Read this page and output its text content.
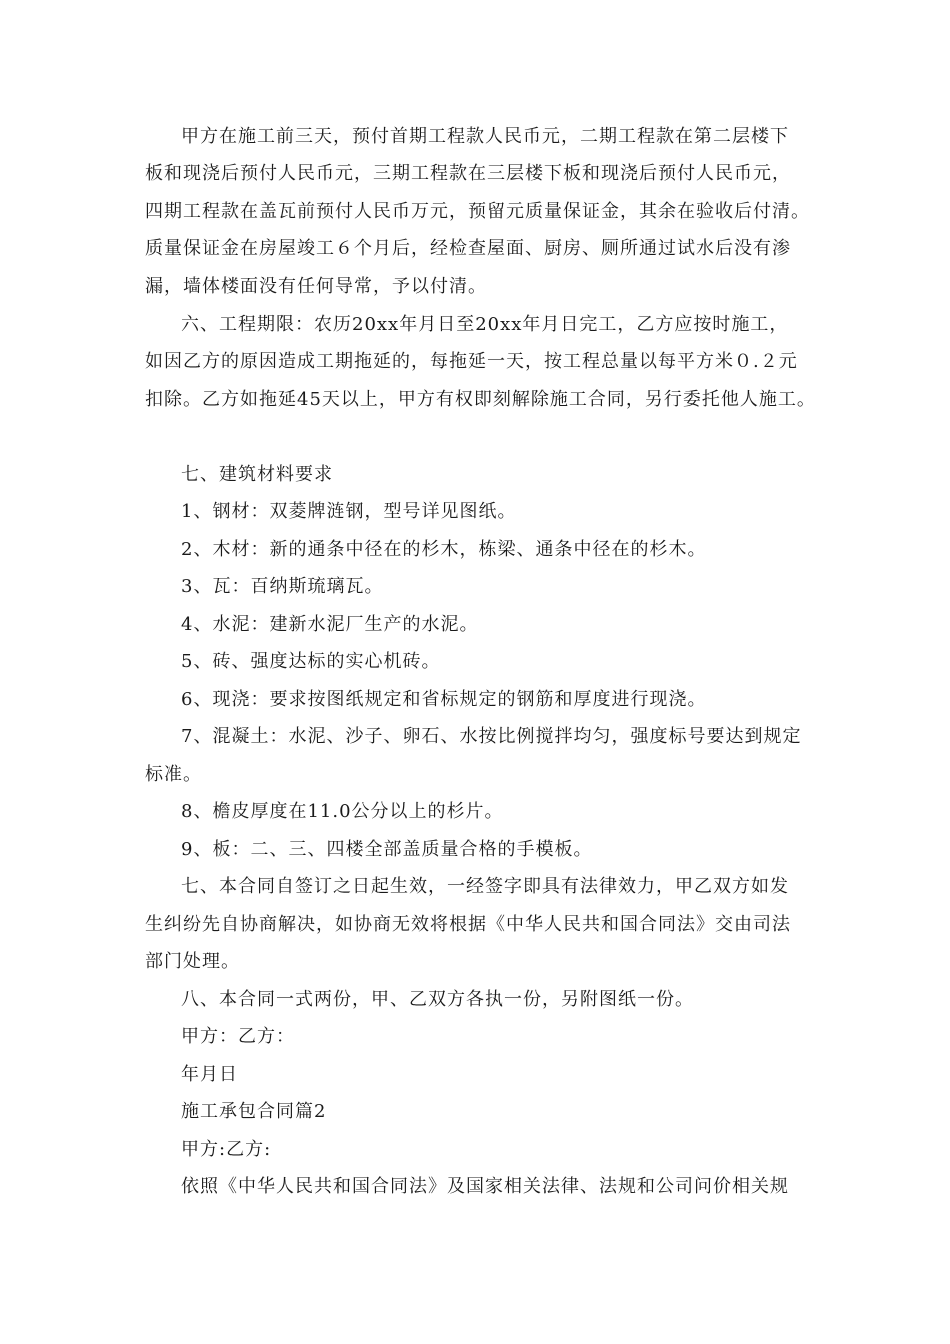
甲方在施工前三天，预付首期工程款人民币元，二期工程款在第二层楼下
板和现浇后预付人民币元，三期工程款在三层楼下板和现浇后预付人民币元，
四期工程款在盖瓦前预付人民币万元，预留元质量保证金，其余在验收后付清。
质量保证金在房屋竣工６个月后，经检查屋面、厨房、厕所通过试水后没有渗
漏，墙体楼面没有任何导常，予以付清。
六、工程期限：农历20xx年月日至20xx年月日完工，乙方应按时施工，
如因乙方的原因造成工期拖延的，每拖延一天，按工程总量以每平方米０.２元
扣除。乙方如拖延45天以上，甲方有权即刻解除施工合同，另行委托他人施工。
七、建筑材料要求
1、钢材：双菱牌涟钢，型号详见图纸。
2、木材：新的通条中径在的杉木，栋梁、通条中径在的杉木。
3、瓦：百纳斯琉璃瓦。
4、水泥：建新水泥厂生产的水泥。
5、砖、强度达标的实心机砖。
6、现浇：要求按图纸规定和省标规定的钢筋和厚度进行现浇。
7、混凝土：水泥、沙子、卵石、水按比例搅拌均匀，强度标号要达到规定
标准。
8、檐皮厚度在11.0公分以上的杉片。
9、板：二、三、四楼全部盖质量合格的手模板。
七、本合同自签订之日起生效，一经签字即具有法律效力，甲乙双方如发
生纠纷先自协商解决，如协商无效将根据《中华人民共和国合同法》交由司法
部门处理。
八、本合同一式两份，甲、乙双方各执一份，另附图纸一份。
甲方：乙方：
年月日
施工承包合同篇2
甲方:乙方:
依照《中华人民共和国合同法》及国家相关法律、法规和公司问价相关规
